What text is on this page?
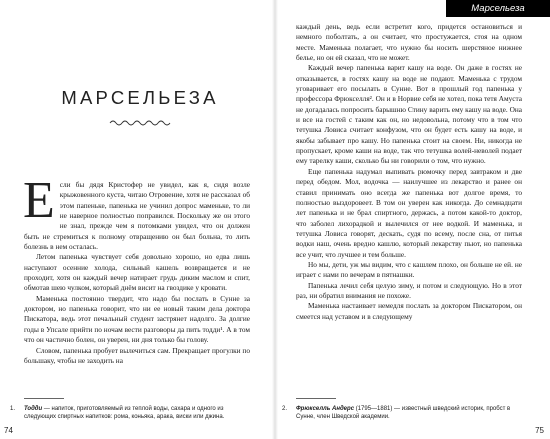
МАРСЕЛЬЕЗА
Е сли бы дядя Кристофер не увидел, как я, сидя возле крыжовенного куста, читаю Отровение, хотя не рассказал об этом папеньке, папенька не учинил допрос маменьке, то ли не наверное полностью поправился. Поскольку же он этого не знал, прежде чем я потомками увидел, что он должен быть не стремиться к полному отвращению он был больна, то лить болезнь в нем осталась.

Летом папенька чувствует себя довольно хорошо, но едва лишь наступают осенние холода, сильный кашель возвращается и не проходит, хотя он каждый вечер натирает грудь диким маслом и спит, обмотав шею чулком, который днём висит на гвоздике у кровати.

Маменька постоянно твердит, что надо бы послать в Сунне за доктором, но папенька говорит, что ни ее новый таким дела доктора Пискатора, ведь этот печальный студент застрянет надолго. За долгие годы в Упсале прийти по ночам вести разговоры да пить тодди¹. А в том что он частично болен, он уверен, ни дня только бы голову.

Словом, папенька пробует вылечиться сам. Прекращает прогулки по большаку, чтобы не заходить на

1. Тодди — напиток, приготовляемый из теплой воды, сахара и одного из следующих спиртных напитков: рома, коньяка, арака, виски или джина.
74
Марсельеза

каждый день, ведь если встретит кого, придется остановиться и немного поболтать, а он считает, что простужается, стоя на одном месте. Маменька полагает, что нужно бы носить шерстяное нижнее белье, но он ей сказал, что не может.

Каждый вечер папенька варит кашу на воде. Он даже в гостях не отказывается, в гостях кашу на воде не подают. Маменька с трудом уговаривает его посылать в Сунне. Вот в прошлый год папенька у профессора Фрюкселля². Он и в Норвие себя не хотел, пока тетя Амуста не догадалась попросить барышню Стину варить ему кашу на воде. Она и все на гостей с таким как он, но недовольна, потому что в том что тетушка Ловиса считает конфузом, что он будет есть кашу на воде, и якобы забывает про кашу. Но папенька стоит на своем. Ни, никогда не пропускает, кроме каши на воде, так что тетушка волей-неволей подает ему тарелку каши, сколько бы ни говорили о том, что нужно.

Еще папенька надумал выпивать рюмочку перед завтраком и две перед обедом. Мол, водочка — наилучшее из лекарство и ранее он ставил принимать оно всегда же папенька вот долгое время, то полностью выздоровеет. В том он уверен как никогда. До семнадцати лет папенька и не брал спиртного, держась, а потом какой-то доктор, что заболел лихорадкой и вылечился от нее водкой. И маменька, и тетушка Ловиса говорят, дескать, судя по всему, после сна, от питья водки наш, очень вредно кашлю, который лекарству пьют, но папенька все учит, что лучшее и тем больше.

Но мы, дети, уж мы видим, что с кашлем плохо, он больше не ей. не играет с нами по вечерам в пятнашки.

Папенька лечил себя целую зиму, и потом и следующую. Но в этот раз, ни обратил внимания не похоже.

Маменька настаивает немедля послать за доктором Пискатором, он смеется над уставом и в следующему

2. Фрюкселль Андерс (1795—1881) — известный шведский историк, пробст в Сунне, член Шведской академии.
75
